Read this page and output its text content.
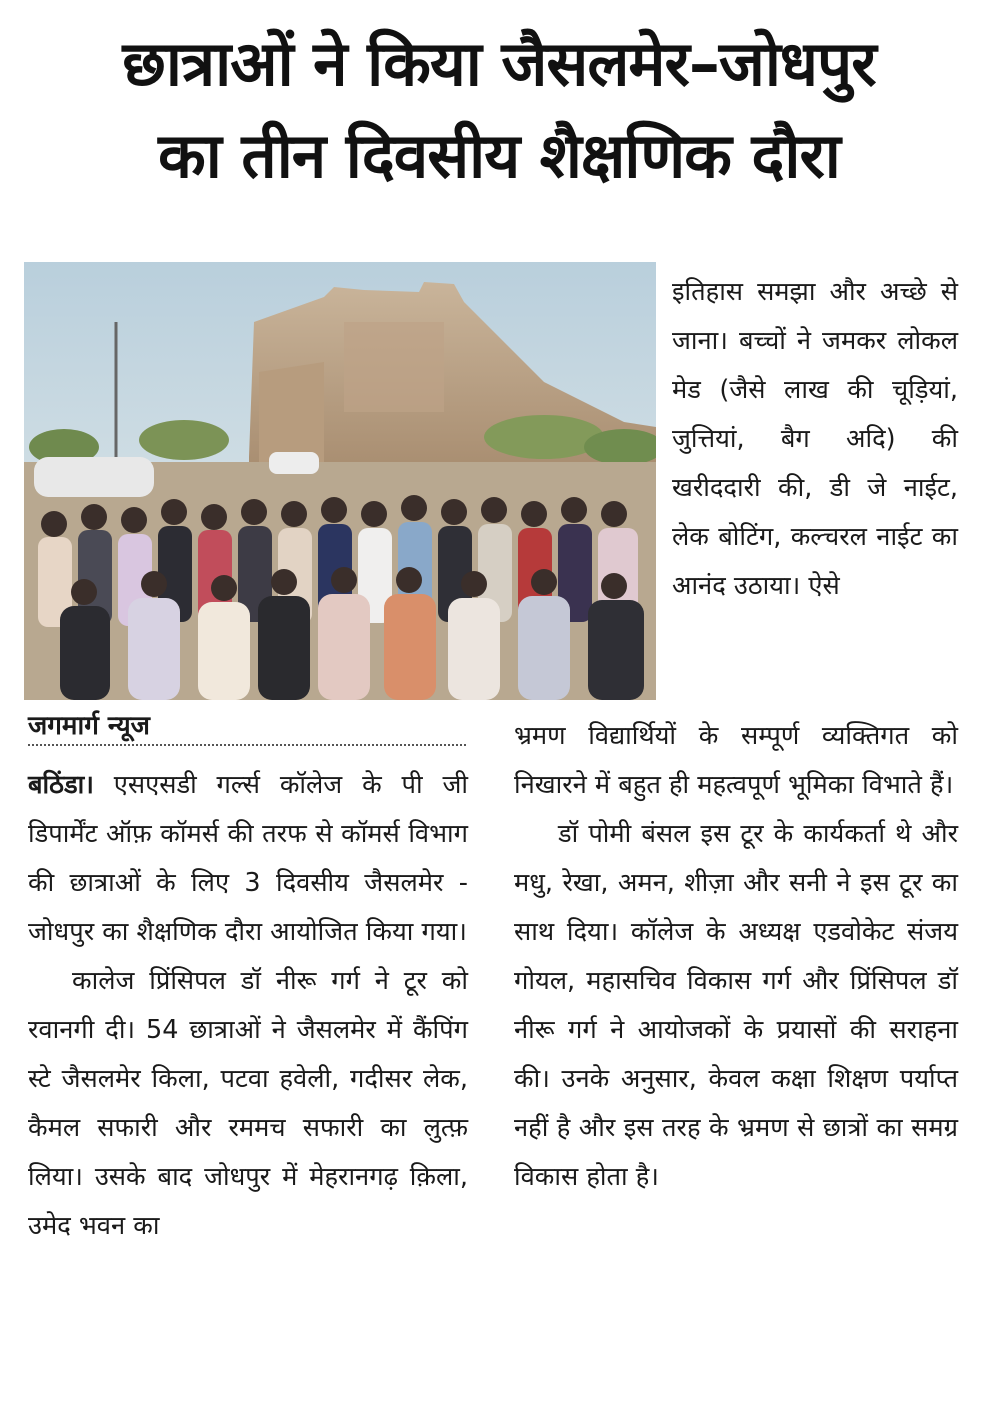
छात्राओं ने किया जैसलमेर–जोधपुर
का तीन दिवसीय शैक्षणिक दौरा

इतिहास समझा और अच्छे से जाना। बच्चों ने जमकर लोकल मेड (जैसे लाख की चूड़ियां, जुत्तियां, बैग अदि) की खरीददारी की, डी जे नाईट, लेक बोटिंग, कल्चरल नाईट का आनंद उठाया। ऐसे

जगमार्ग न्यूज

बठिंडा। एसएसडी गर्ल्स कॉलेज के पी जी डिपार्मेंट ऑफ़ कॉमर्स की तरफ से कॉमर्स विभाग की छात्राओं के लिए 3 दिवसीय जैसलमेर - जोधपुर का शैक्षणिक दौरा आयोजित किया गया।

कालेज प्रिंसिपल डॉ नीरू गर्ग ने टूर को रवानगी दी। 54 छात्राओं ने जैसलमेर में कैंपिंग स्टे जैसलमेर किला, पटवा हवेली, गदीसर लेक, कैमल सफारी और रममच सफारी का लुत्फ़ लिया। उसके बाद जोधपुर में मेहरानगढ़ क़िला, उमेद भवन का

भ्रमण विद्यार्थियों के सम्पूर्ण व्यक्तिगत को निखारने में बहुत ही महत्वपूर्ण भूमिका विभाते हैं।

डॉ पोमी बंसल इस टूर के कार्यकर्ता थे और मधु, रेखा, अमन, शीज़ा और सनी ने इस टूर का साथ दिया। कॉलेज के अध्यक्ष एडवोकेट संजय गोयल, महासचिव विकास गर्ग और प्रिंसिपल डॉ नीरू गर्ग ने आयोजकों के प्रयासों की सराहना की। उनके अनुसार, केवल कक्षा शिक्षण पर्याप्त नहीं है और इस तरह के भ्रमण से छात्रों का समग्र विकास होता है।
